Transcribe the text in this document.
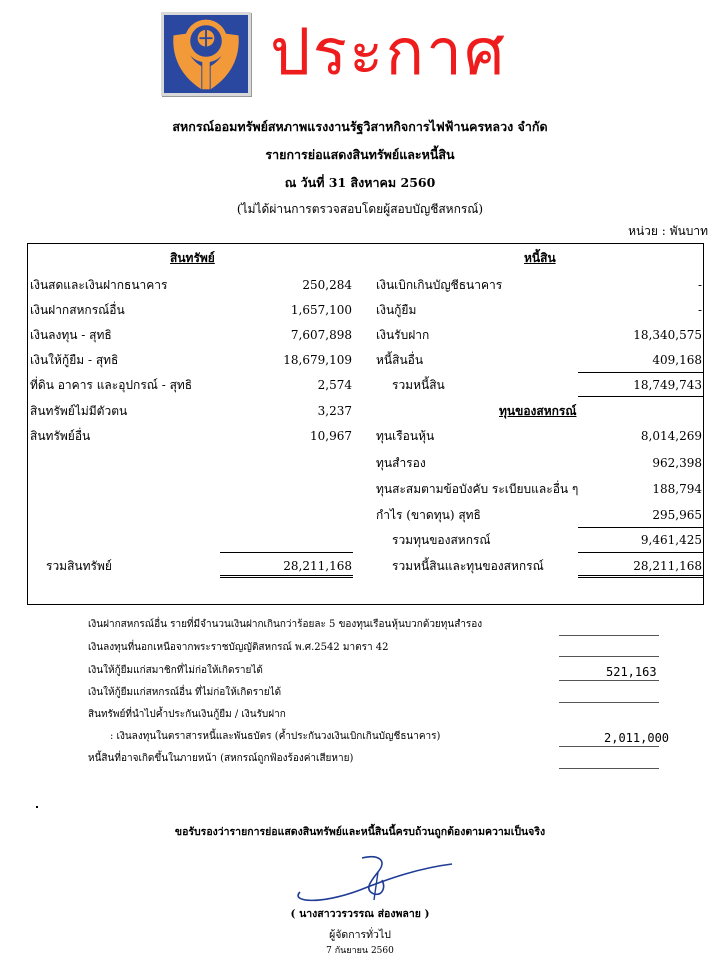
ประกาศ
สหกรณ์ออมทรัพย์สหภาพแรงงานรัฐวิสาหกิจการไฟฟ้านครหลวง จำกัด
รายการย่อแสดงสินทรัพย์และหนี้สิน
ณ วันที่ 31 สิงหาคม 2560
(ไม่ได้ผ่านการตรวจสอบโดยผู้สอบบัญชีสหกรณ์)
หน่วย : พันบาท
สินทรัพย์
เงินสดและเงินฝากธนาคาร	250,284
เงินฝากสหกรณ์อื่น	1,657,100
เงินลงทุน - สุทธิ	7,607,898
เงินให้กู้ยืม - สุทธิ	18,679,109
ที่ดิน อาคาร และอุปกรณ์ - สุทธิ	2,574
สินทรัพย์ไม่มีตัวตน	3,237
สินทรัพย์อื่น	10,967
รวมสินทรัพย์	28,211,168
หนี้สิน
เงินเบิกเกินบัญชีธนาคาร	-
เงินกู้ยืม	-
เงินรับฝาก	18,340,575
หนี้สินอื่น	409,168
รวมหนี้สิน	18,749,743
ทุนของสหกรณ์
ทุนเรือนหุ้น	8,014,269
ทุนสำรอง	962,398
ทุนสะสมตามข้อบังคับ ระเบียบและอื่น ๆ	188,794
กำไร (ขาดทุน) สุทธิ	295,965
รวมทุนของสหกรณ์	9,461,425
รวมหนี้สินและทุนของสหกรณ์	28,211,168
เงินฝากสหกรณ์อื่น รายที่มีจำนวนเงินฝากเกินกว่าร้อยละ 5 ของทุนเรือนหุ้นบวกด้วยทุนสำรอง
เงินลงทุนที่นอกเหนือจากพระราชบัญญัติสหกรณ์ พ.ศ.2542 มาตรา 42
เงินให้กู้ยืมแก่สมาชิกที่ไม่ก่อให้เกิดรายได้	521,163
เงินให้กู้ยืมแก่สหกรณ์อื่น ที่ไม่ก่อให้เกิดรายได้
สินทรัพย์ที่นำไปค้ำประกันเงินกู้ยืม / เงินรับฝาก
: เงินลงทุนในตราสารหนี้และพันธบัตร (ค้ำประกันวงเงินเบิกเกินบัญชีธนาคาร)	2,011,000
หนี้สินที่อาจเกิดขึ้นในภายหน้า (สหกรณ์ถูกฟ้องร้องค่าเสียหาย)
ขอรับรองว่ารายการย่อแสดงสินทรัพย์และหนี้สินนี้ครบถ้วนถูกต้องตามความเป็นจริง
( นางสาววรวรรณ ส่องพลาย )
ผู้จัดการทั่วไป
7 กันยายน 2560
